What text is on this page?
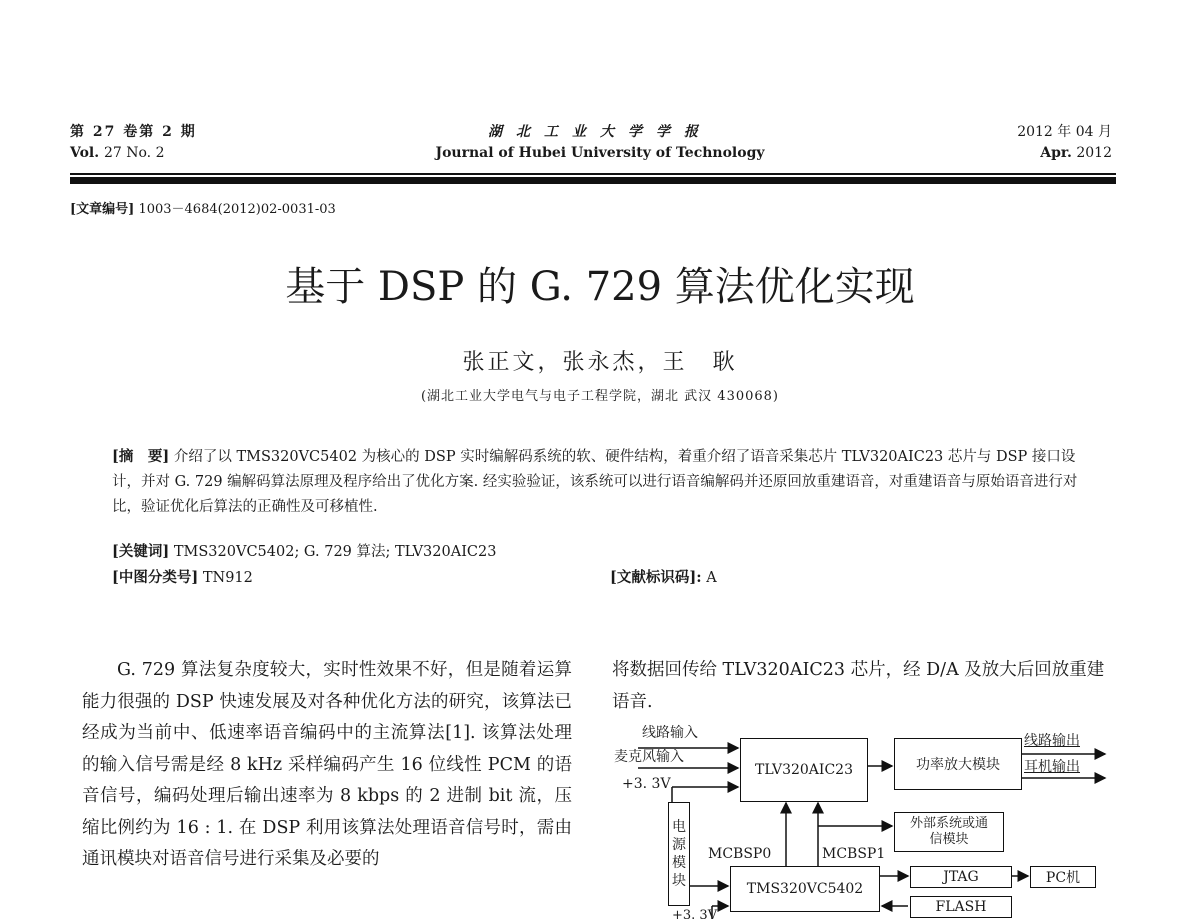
第 27 卷第 2 期
Vol. 27 No. 2
湖北工业大学学报
Journal of Hubei University of Technology
2012 年 04 月
Apr. 2012
[文章编号] 1003－4684(2012)02-0031-03
基于 DSP 的 G. 729 算法优化实现
张正文，张永杰，王　耿
(湖北工业大学电气与电子工程学院，湖北 武汉 430068)
[摘　要] 介绍了以 TMS320VC5402 为核心的 DSP 实时编解码系统的软、硬件结构，着重介绍了语音采集芯片 TLV320AIC23 芯片与 DSP 接口设计，并对 G. 729 编解码算法原理及程序给出了优化方案. 经实验验证，该系统可以进行语音编解码并还原回放重建语音，对重建语音与原始语音进行对比，验证优化后算法的正确性及可移植性.
[关键词] TMS320VC5402; G. 729 算法; TLV320AIC23
[中图分类号] TN912	[文献标识码]: A

G. 729 算法复杂度较大，实时性效果不好，但是随着运算能力很强的 DSP 快速发展及对各种优化方法的研究，该算法已经成为当前中、低速率语音编码中的主流算法[1]. 该算法处理的输入信号需是经 8 kHz 采样编码产生 16 位线性 PCM 的语音信号，编码处理后输出速率为 8 kbps 的 2 进制 bit 流，压缩比例约为 16 : 1. 在 DSP 利用该算法处理语音信号时，需由通讯模块对语音信号进行采集及必要的

将数据回传给 TLV320AIC23 芯片，经 D/A 及放大后回放重建语音.

线路输入
麦克风输入
+3. 3V
TLV320AIC23	功率放大模块
线路输出
耳机输出
外部系统或通信模块
电源模块
MCBSP0	MCBSP1
TMS320VC5402
+3. 3V
JTAG	PC机
FLASH
